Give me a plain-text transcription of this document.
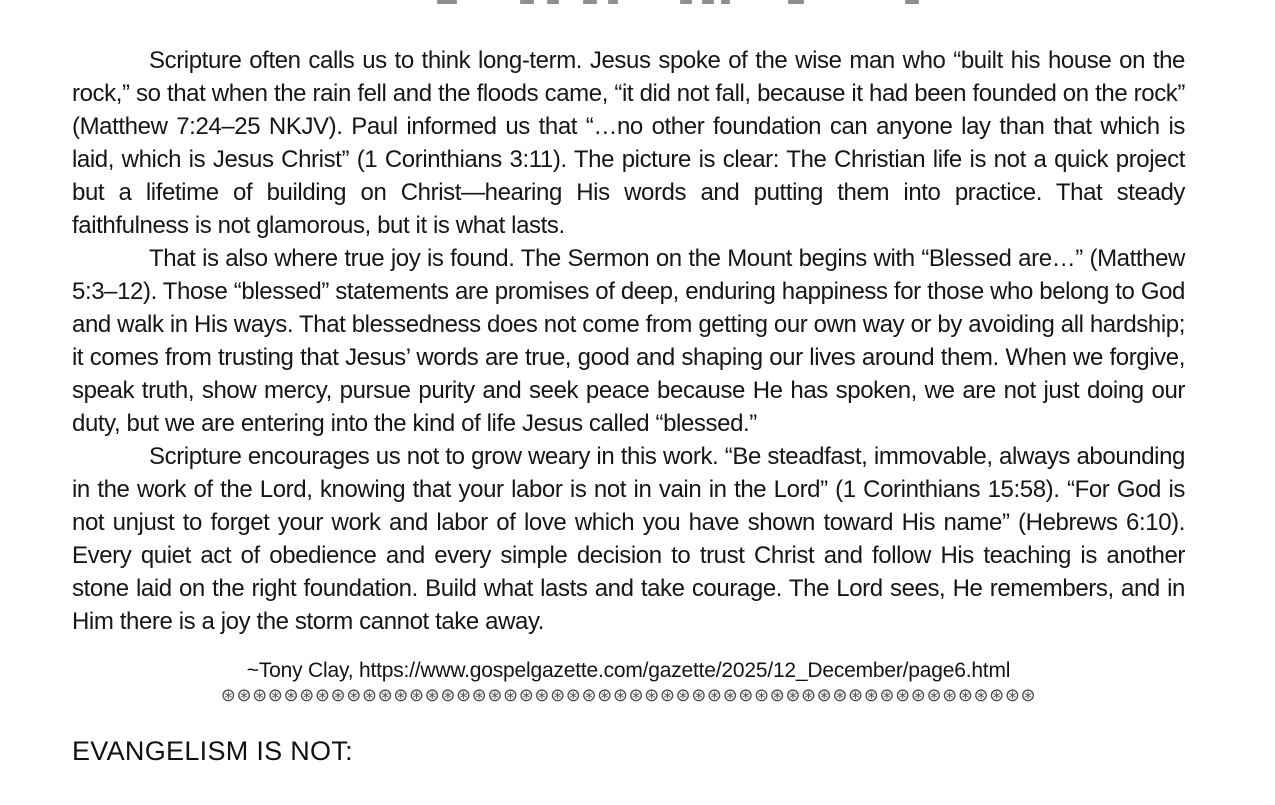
Scripture often calls us to think long-term. Jesus spoke of the wise man who “built his house on the rock,” so that when the rain fell and the floods came, “it did not fall, because it had been founded on the rock” (Matthew 7:24–25 NKJV). Paul informed us that “…no other foundation can anyone lay than that which is laid, which is Jesus Christ” (1 Corinthians 3:11). The picture is clear: The Christian life is not a quick project but a lifetime of building on Christ—hearing His words and putting them into practice. That steady faithfulness is not glamorous, but it is what lasts.

That is also where true joy is found. The Sermon on the Mount begins with “Blessed are…” (Matthew 5:3–12). Those “blessed” statements are promises of deep, enduring happiness for those who belong to God and walk in His ways. That blessedness does not come from getting our own way or by avoiding all hardship; it comes from trusting that Jesus’ words are true, good and shaping our lives around them. When we forgive, speak truth, show mercy, pursue purity and seek peace because He has spoken, we are not just doing our duty, but we are entering into the kind of life Jesus called “blessed.”

Scripture encourages us not to grow weary in this work. “Be steadfast, immovable, always abounding in the work of the Lord, knowing that your labor is not in vain in the Lord” (1 Corinthians 15:58). “For God is not unjust to forget your work and labor of love which you have shown toward His name” (Hebrews 6:10). Every quiet act of obedience and every simple decision to trust Christ and follow His teaching is another stone laid on the right foundation. Build what lasts and take courage. The Lord sees, He remembers, and in Him there is a joy the storm cannot take away.

~Tony Clay, https://www.gospelgazette.com/gazette/2025/12_December/page6.html
⊛⊛⊛⊛⊛⊛⊛⊛⊛⊛⊛⊛⊛⊛⊛⊛⊛⊛⊛⊛⊛⊛⊛⊛⊛⊛⊛⊛⊛⊛⊛⊛⊛⊛⊛⊛⊛⊛⊛⊛⊛⊛⊛⊛⊛⊛⊛⊛⊛⊛⊛⊛
EVANGELISM IS NOT:
